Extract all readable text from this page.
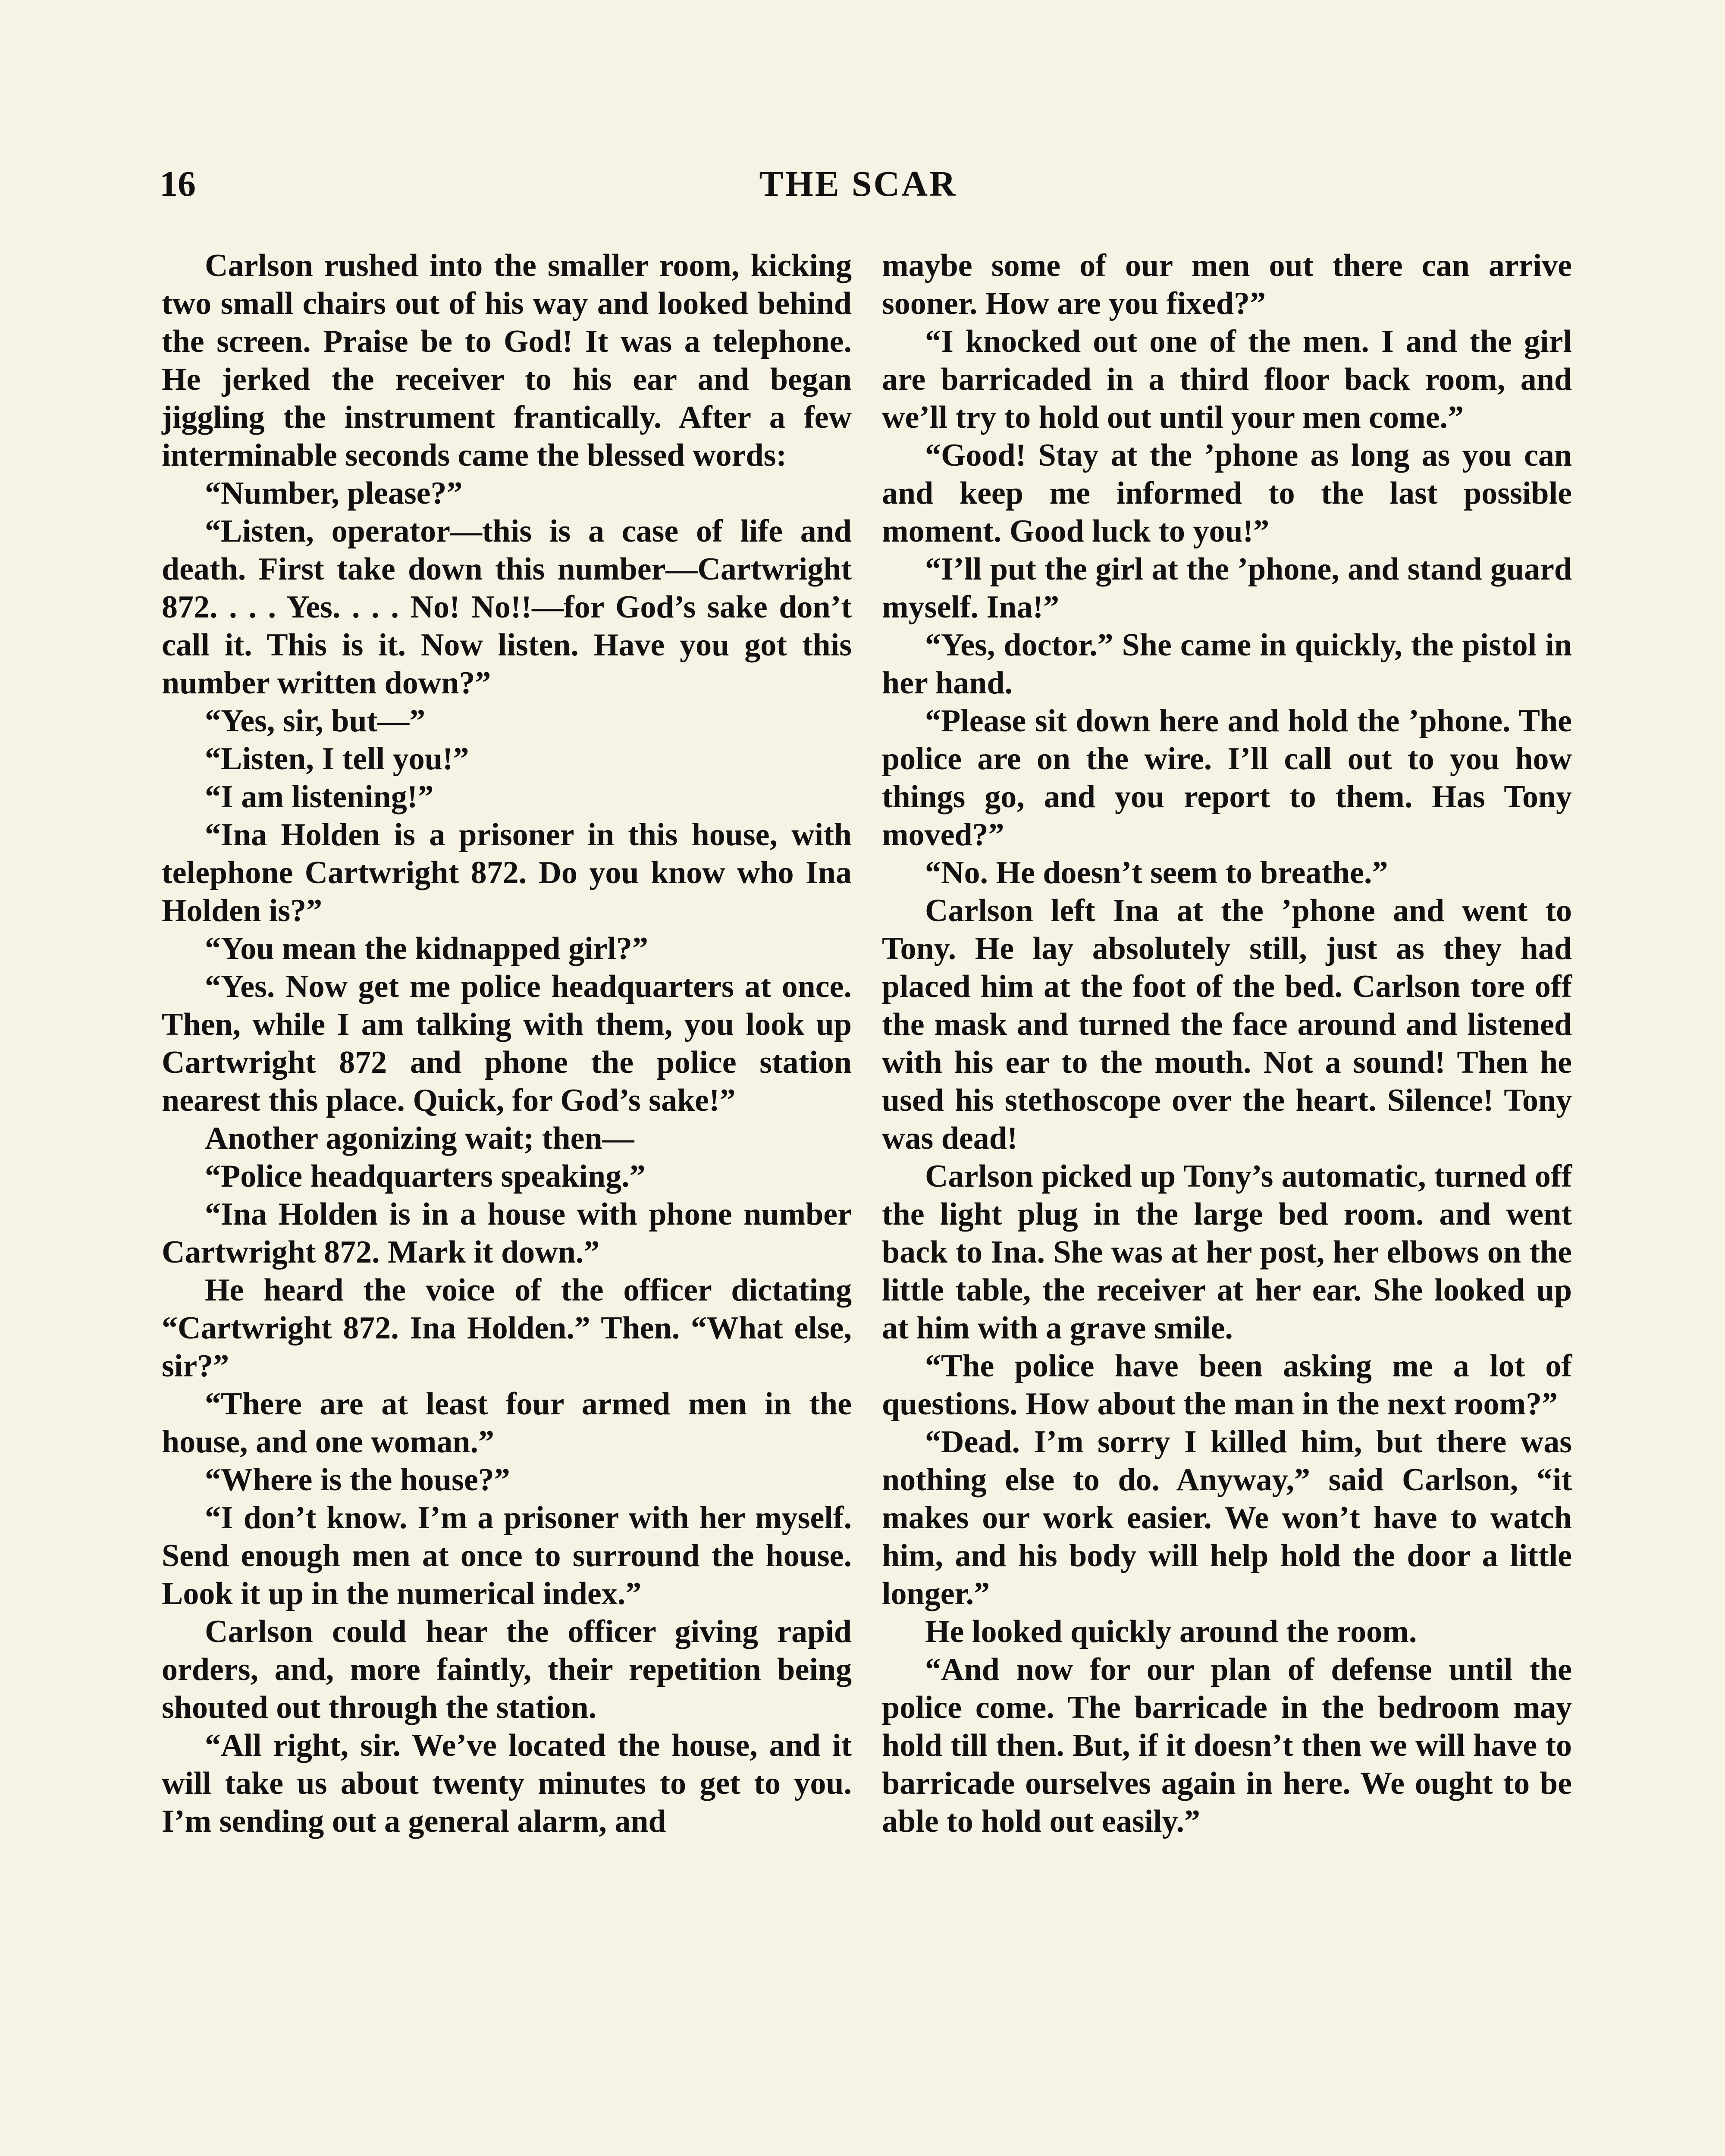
16	THE SCAR

Carlson rushed into the smaller room, kicking two small chairs out of his way and looked behind the screen. Praise be to God! It was a telephone. He jerked the receiver to his ear and began jiggling the instrument frantically. After a few interminable seconds came the blessed words:

“Number, please?”

“Listen, operator—this is a case of life and death. First take down this number—Cartwright 872. . . . Yes. . . . No! No!!—for God’s sake don’t call it. This is it. Now listen. Have you got this number written down?”

“Yes, sir, but—”

“Listen, I tell you!”

“I am listening!”

“Ina Holden is a prisoner in this house, with telephone Cartwright 872. Do you know who Ina Holden is?”

“You mean the kidnapped girl?”

“Yes. Now get me police headquarters at once. Then, while I am talking with them, you look up Cartwright 872 and phone the police station nearest this place. Quick, for God’s sake!”

Another agonizing wait; then—

“Police headquarters speaking.”

“Ina Holden is in a house with phone number Cartwright 872. Mark it down.”

He heard the voice of the officer dictating “Cartwright 872. Ina Holden.” Then. “What else, sir?”

“There are at least four armed men in the house, and one woman.”

“Where is the house?”

“I don’t know. I’m a prisoner with her myself. Send enough men at once to surround the house. Look it up in the numerical index.”

Carlson could hear the officer giving rapid orders, and, more faintly, their repetition being shouted out through the station.

“All right, sir. We’ve located the house, and it will take us about twenty minutes to get to you. I’m sending out a general alarm, and

maybe some of our men out there can arrive sooner. How are you fixed?”

“I knocked out one of the men. I and the girl are barricaded in a third floor back room, and we’ll try to hold out until your men come.”

“Good! Stay at the ’phone as long as you can and keep me informed to the last possible moment. Good luck to you!”

“I’ll put the girl at the ’phone, and stand guard myself. Ina!”

“Yes, doctor.” She came in quickly, the pistol in her hand.

“Please sit down here and hold the ’phone. The police are on the wire. I’ll call out to you how things go, and you report to them. Has Tony moved?”

“No. He doesn’t seem to breathe.”

Carlson left Ina at the ’phone and went to Tony. He lay absolutely still, just as they had placed him at the foot of the bed. Carlson tore off the mask and turned the face around and listened with his ear to the mouth. Not a sound! Then he used his stethoscope over the heart. Silence! Tony was dead!

Carlson picked up Tony’s automatic, turned off the light plug in the large bed room. and went back to Ina. She was at her post, her elbows on the little table, the receiver at her ear. She looked up at him with a grave smile.

“The police have been asking me a lot of questions. How about the man in the next room?”

“Dead. I’m sorry I killed him, but there was nothing else to do. Anyway,” said Carlson, “it makes our work easier. We won’t have to watch him, and his body will help hold the door a little longer.”

He looked quickly around the room.

“And now for our plan of defense until the police come. The barricade in the bedroom may hold till then. But, if it doesn’t then we will have to barricade ourselves again in here. We ought to be able to hold out easily.”
